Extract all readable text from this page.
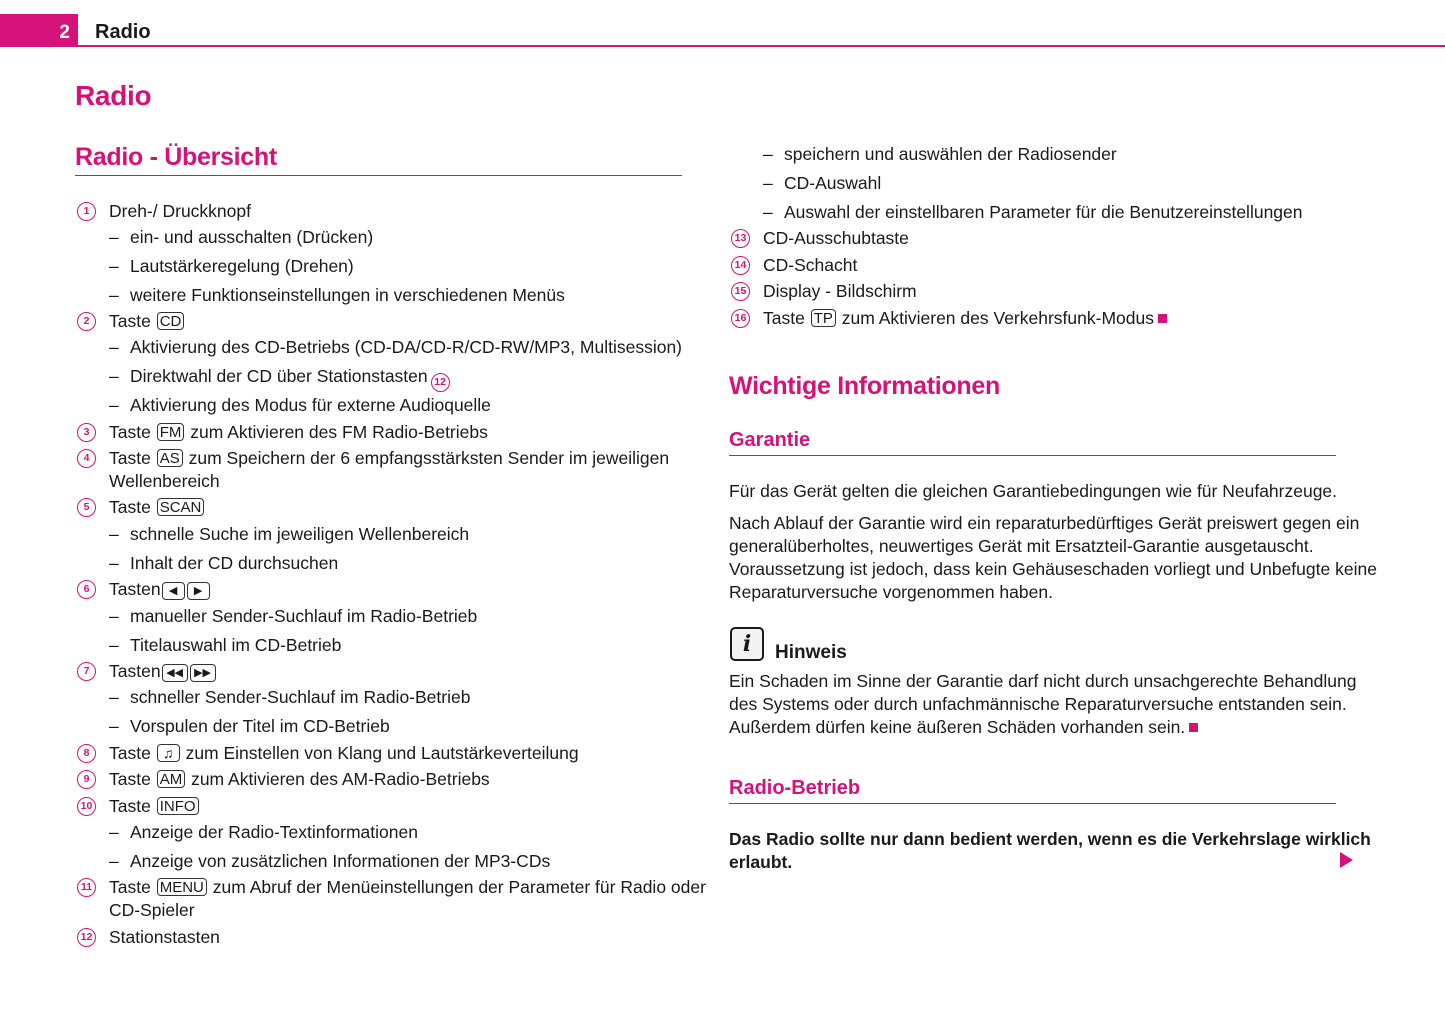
2	Radio
Radio
Radio - Übersicht
1	Dreh-/ Druckknopf
– ein- und ausschalten (Drücken)
– Lautstärkeregelung (Drehen)
– weitere Funktionseinstellungen in verschiedenen Menüs
2	Taste CD
– Aktivierung des CD-Betriebs (CD-DA/CD-R/CD-RW/MP3, Multisession)
– Direktwahl der CD über Stationstasten 12
– Aktivierung des Modus für externe Audioquelle
3	Taste FM zum Aktivieren des FM Radio-Betriebs
4	Taste AS zum Speichern der 6 empfangsstärksten Sender im jeweiligen
Wellenbereich
5	Taste SCAN
– schnelle Suche im jeweiligen Wellenbereich
– Inhalt der CD durchsuchen
6	Tasten ◀ ▶
– manueller Sender-Suchlauf im Radio-Betrieb
– Titelauswahl im CD-Betrieb
7	Tasten ◀◀ ▶▶
– schneller Sender-Suchlauf im Radio-Betrieb
– Vorspulen der Titel im CD-Betrieb
8	Taste ♫ zum Einstellen von Klang und Lautstärkeverteilung
9	Taste AM zum Aktivieren des AM-Radio-Betriebs
10 Taste INFO
– Anzeige der Radio-Textinformationen
– Anzeige von zusätzlichen Informationen der MP3-CDs
11 Taste MENU zum Abruf der Menüeinstellungen der Parameter für Radio oder
CD-Spieler
12 Stationstasten
– speichern und auswählen der Radiosender
– CD-Auswahl
– Auswahl der einstellbaren Parameter für die Benutzereinstellungen
13 CD-Ausschubtaste
14 CD-Schacht
15 Display - Bildschirm
16 Taste TP zum Aktivieren des Verkehrsfunk-Modus
Wichtige Informationen
Garantie
Für das Gerät gelten die gleichen Garantiebedingungen wie für Neufahrzeuge.
Nach Ablauf der Garantie wird ein reparaturbedürftiges Gerät preiswert gegen ein
generalüberholtes, neuwertiges Gerät mit Ersatzteil-Garantie ausgetauscht.
Voraussetzung ist jedoch, dass kein Gehäuseschaden vorliegt und Unbefugte keine
Reparaturversuche vorgenommen haben.
i	Hinweis
Ein Schaden im Sinne der Garantie darf nicht durch unsachgerechte Behandlung
des Systems oder durch unfachmännische Reparaturversuche entstanden sein.
Außerdem dürfen keine äußeren Schäden vorhanden sein.
Radio-Betrieb
Das Radio sollte nur dann bedient werden, wenn es die Verkehrslage wirklich
erlaubt.
